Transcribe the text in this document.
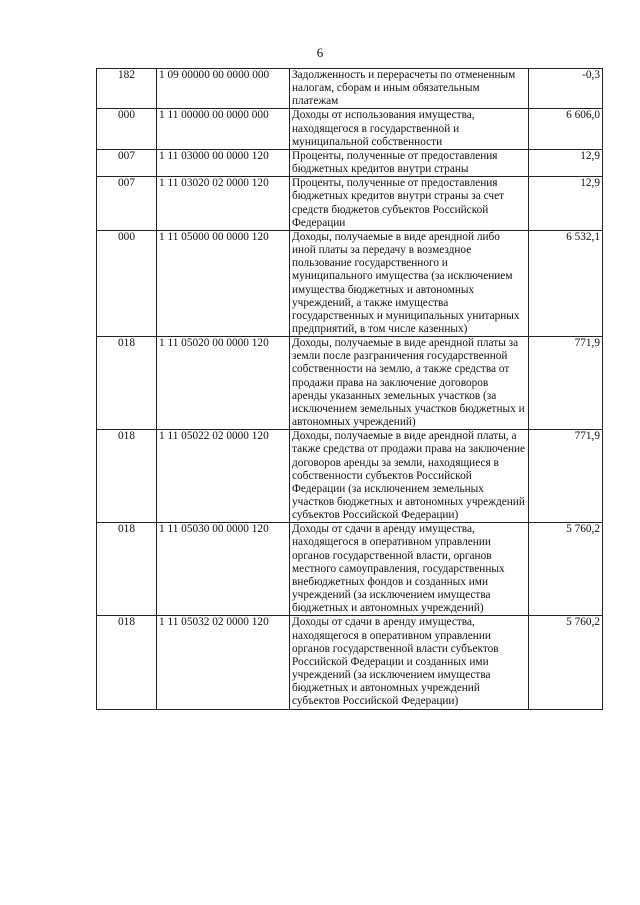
6
182	1 09 00000 00 0000 000	Задолженность и перерасчеты по отмененным налогам, сборам и иным обязательным платежам	-0,3
000	1 11 00000 00 0000 000	Доходы от использования имущества, находящегося в государственной и муниципальной собственности	6 606,0
007	1 11 03000 00 0000 120	Проценты, полученные от предоставления бюджетных кредитов внутри страны	12,9
007	1 11 03020 02 0000 120	Проценты, полученные от предоставления бюджетных кредитов внутри страны за счет средств бюджетов субъектов Российской Федерации	12,9
000	1 11 05000 00 0000 120	Доходы, получаемые в виде арендной либо иной платы за передачу в возмездное пользование государственного и муниципального имущества (за исключением имущества бюджетных и автономных учреждений, а также имущества государственных и муниципальных унитарных предприятий, в том числе казенных)	6 532,1
018	1 11 05020 00 0000 120	Доходы, получаемые в виде арендной платы за земли после разграничения государственной собственности на землю, а также средства от продажи права на заключение договоров аренды указанных земельных участков (за исключением земельных участков бюджетных и автономных учреждений)	771,9
018	1 11 05022 02 0000 120	Доходы, получаемые в виде арендной платы, а также средства от продажи права на заключение договоров аренды за земли, находящиеся в собственности субъектов Российской Федерации (за исключением земельных участков бюджетных и автономных учреждений субъектов Российской Федерации)	771,9
018	1 11 05030 00 0000 120	Доходы от сдачи в аренду имущества, находящегося в оперативном управлении органов государственной власти, органов местного самоуправления, государственных внебюджетных фондов и созданных ими учреждений (за исключением имущества бюджетных и автономных учреждений)	5 760,2
018	1 11 05032 02 0000 120	Доходы от сдачи в аренду имущества, находящегося в оперативном управлении органов государственной власти субъектов Российской Федерации и созданных ими учреждений (за исключением имущества бюджетных и автономных учреждений субъектов Российской Федерации)	5 760,2
